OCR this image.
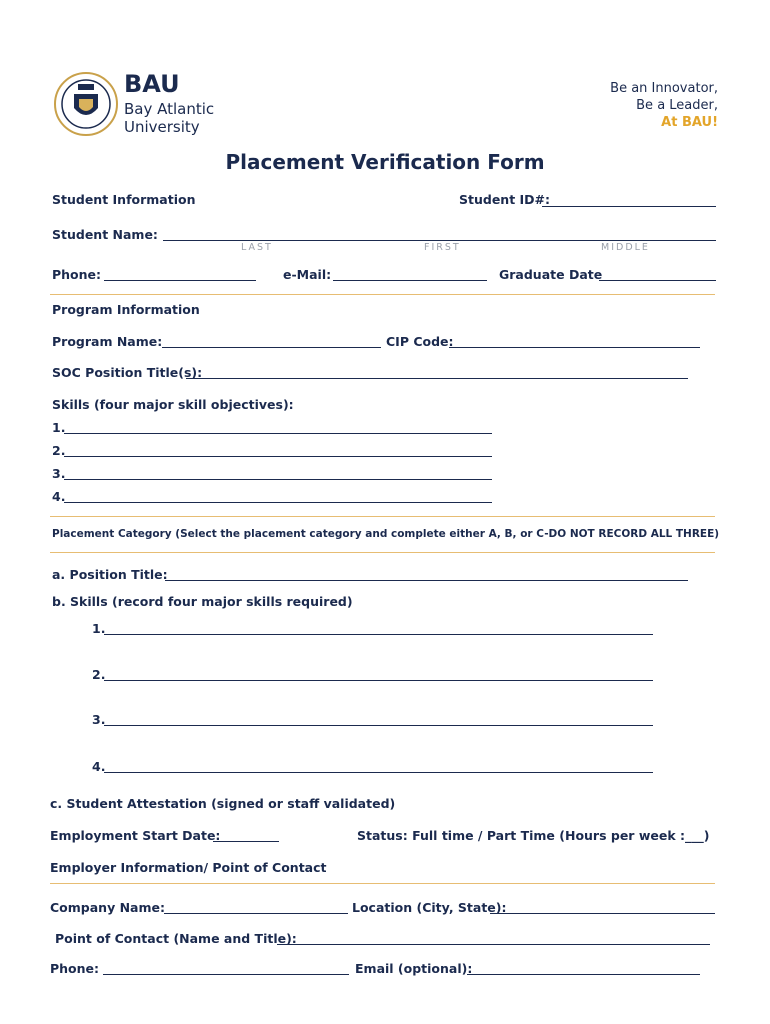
BAU
Bay Atlantic
University
Be an Innovator,
Be a Leader,
At BAU!
Placement Verification Form
Student Information	Student ID#:
Student Name:
LAST	FIRST	MIDDLE
Phone:	e-Mail:	Graduate Date
Program Information
Program Name:	CIP Code:
SOC Position Title(s):
Skills (four major skill objectives):
1.
2.
3.
4.
Placement Category (Select the placement category and complete either A, B, or C-DO NOT RECORD ALL THREE)
a. Position Title:
b. Skills (record four major skills required)
1.
2.
3.
4.
c. Student Attestation (signed or staff validated)
Employment Start Date:	Status: Full time / Part Time (Hours per week :___)
Employer Information/ Point of Contact
Company Name:	Location (City, State):
Point of Contact (Name and Title):
Phone:	Email (optional):
